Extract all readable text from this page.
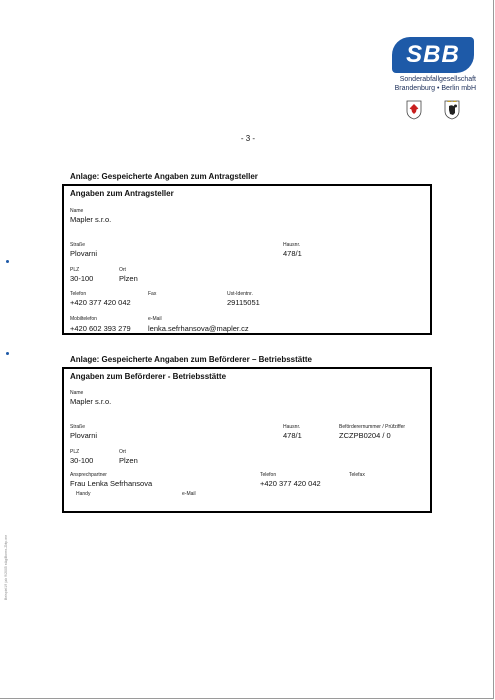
SBB
Sonderabfallgesellschaft
Brandenburg • Berlin mbH
- 3 -
Anlage: Gespeicherte Angaben zum Antragsteller
Angaben zum Antragsteller
Name
Mapler s.r.o.
Straße
Plovarni
Hausnr.
478/1
PLZ
30-100
Ort
Plzen
Telefon
+420 377 420 042
Fax	Ust-Identnr.
29115051
Mobiltelefon
+420 602 393 279
e-Mail
lenka.sefrhansova@mapler.cz
Anlage: Gespeicherte Angaben zum Beförderer – Betriebsstätte
Angaben zum Beförderer - Betriebsstätte
Name
Mapler s.r.o.
Straße
Plovarni
Hausnr.
478/1
Beförderernummer / Prüfziffer
ZCZPB0204 / 0
PLZ
30-100
Ort
Plzen
Ansprechpartner
Frau Lenka Sefrhansova
Telefon
+420 377 420 042
Telefax
Handy	e-Mail
Beispiel19 (ab 9/2005 eAgiBoren-Zbtp.me
